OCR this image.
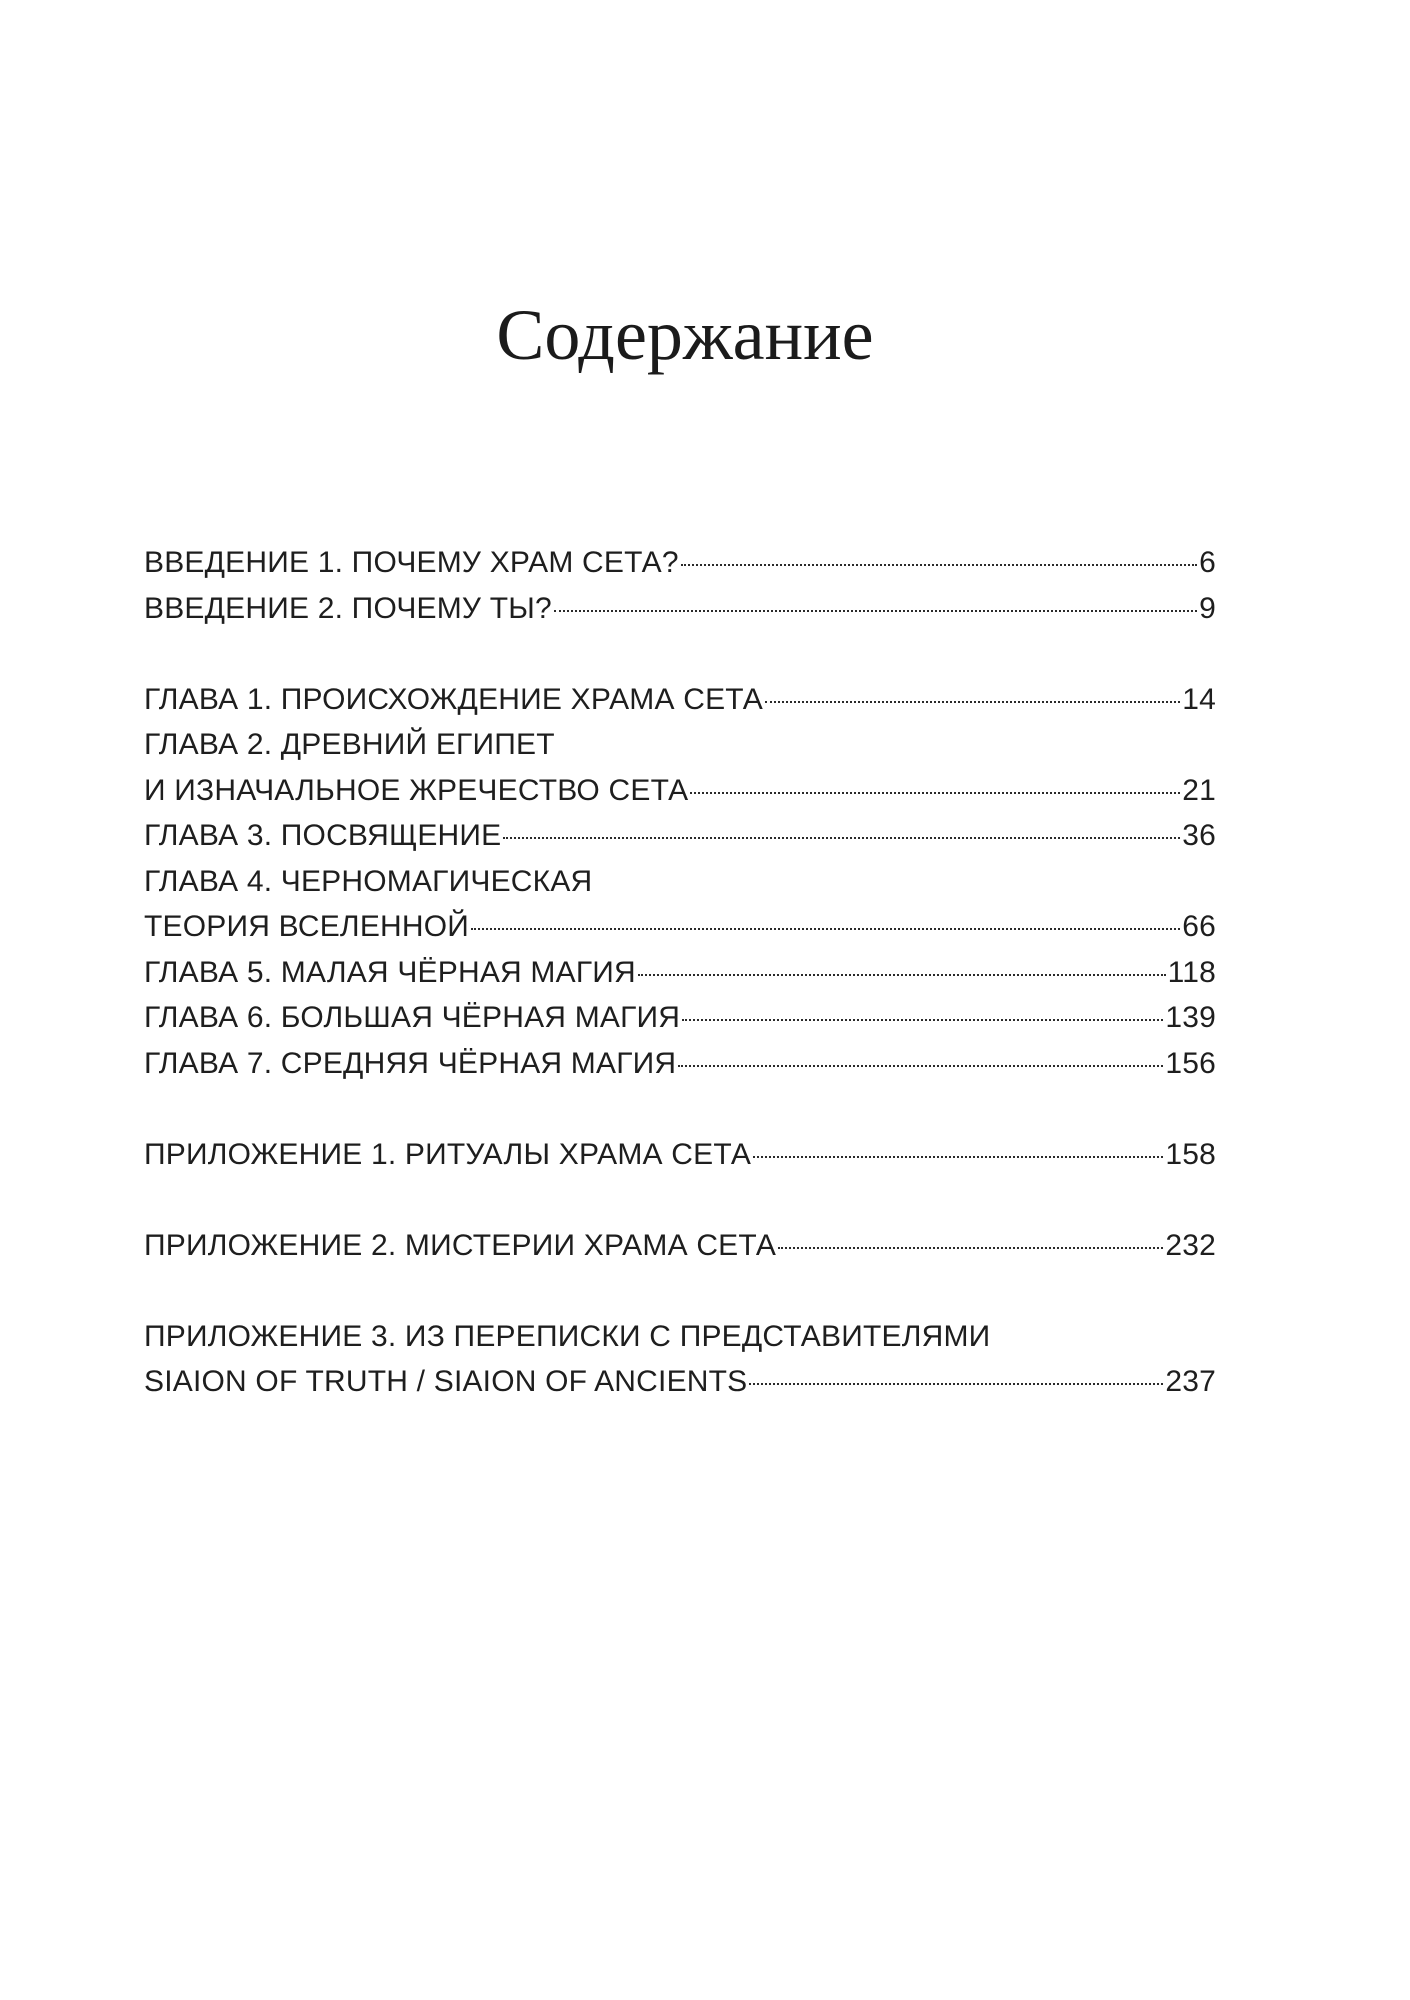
Содержание
ВВЕДЕНИЕ 1. ПОЧЕМУ ХРАМ СЕТА?	6
ВВЕДЕНИЕ 2. ПОЧЕМУ ТЫ?	9
ГЛАВА 1. ПРОИСХОЖДЕНИЕ ХРАМА СЕТА	14
ГЛАВА 2. ДРЕВНИЙ ЕГИПЕТ
И ИЗНАЧАЛЬНОЕ ЖРЕЧЕСТВО СЕТА	21
ГЛАВА 3. ПОСВЯЩЕНИЕ	36
ГЛАВА 4. ЧЕРНОМАГИЧЕСКАЯ
ТЕОРИЯ ВСЕЛЕННОЙ	66
ГЛАВА 5. МАЛАЯ ЧЁРНАЯ МАГИЯ	118
ГЛАВА 6. БОЛЬШАЯ ЧЁРНАЯ МАГИЯ	139
ГЛАВА 7. СРЕДНЯЯ ЧЁРНАЯ МАГИЯ	156
ПРИЛОЖЕНИЕ 1. РИТУАЛЫ ХРАМА СЕТА	158
ПРИЛОЖЕНИЕ 2. МИСТЕРИИ ХРАМА СЕТА	232
ПРИЛОЖЕНИЕ 3. ИЗ ПЕРЕПИСКИ С ПРЕДСТАВИТЕЛЯМИ
SIAION OF TRUTH / SIAION OF ANCIENTS	237
